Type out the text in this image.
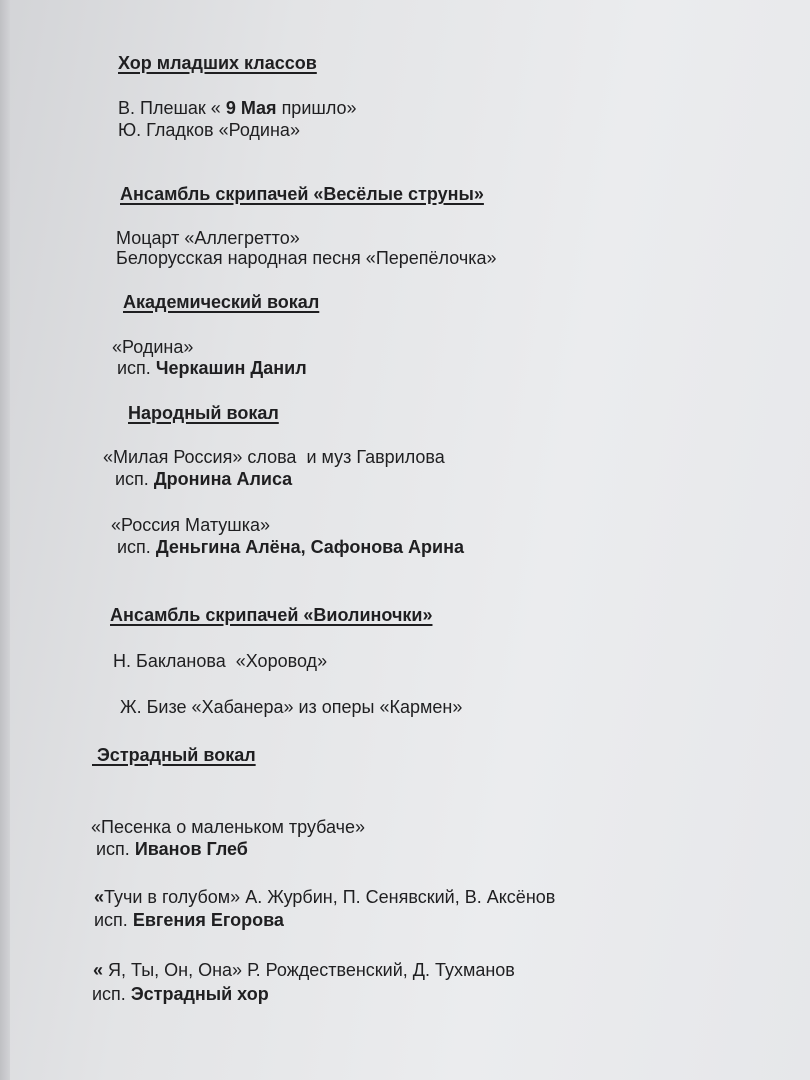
Хор младших классов
В. Плешак « 9 Мая пришло»
Ю. Гладков «Родина»
Ансамбль скрипачей «Весёлые струны»
Моцарт «Аллегретто»
Белорусская народная песня «Перепёлочка»
Академический вокал
«Родина»
исп. Черкашин Данил
Народный вокал
«Милая Россия» слова  и муз Гаврилова
исп. Дронина Алиса
«Россия Матушка»
исп. Деньгина Алёна, Сафонова Арина
Ансамбль скрипачей «Виолиночки»
Н. Бакланова  «Хоровод»
Ж. Бизе «Хабанера» из оперы «Кармен»
Эстрадный вокал
«Песенка о маленьком трубаче»
исп. Иванов Глеб
«Тучи в голубом» А. Журбин, П. Сенявский, В. Аксёнов
исп. Евгения Егорова
« Я, Ты, Он, Она» Р. Рождественский, Д. Тухманов
исп. Эстрадный хор
